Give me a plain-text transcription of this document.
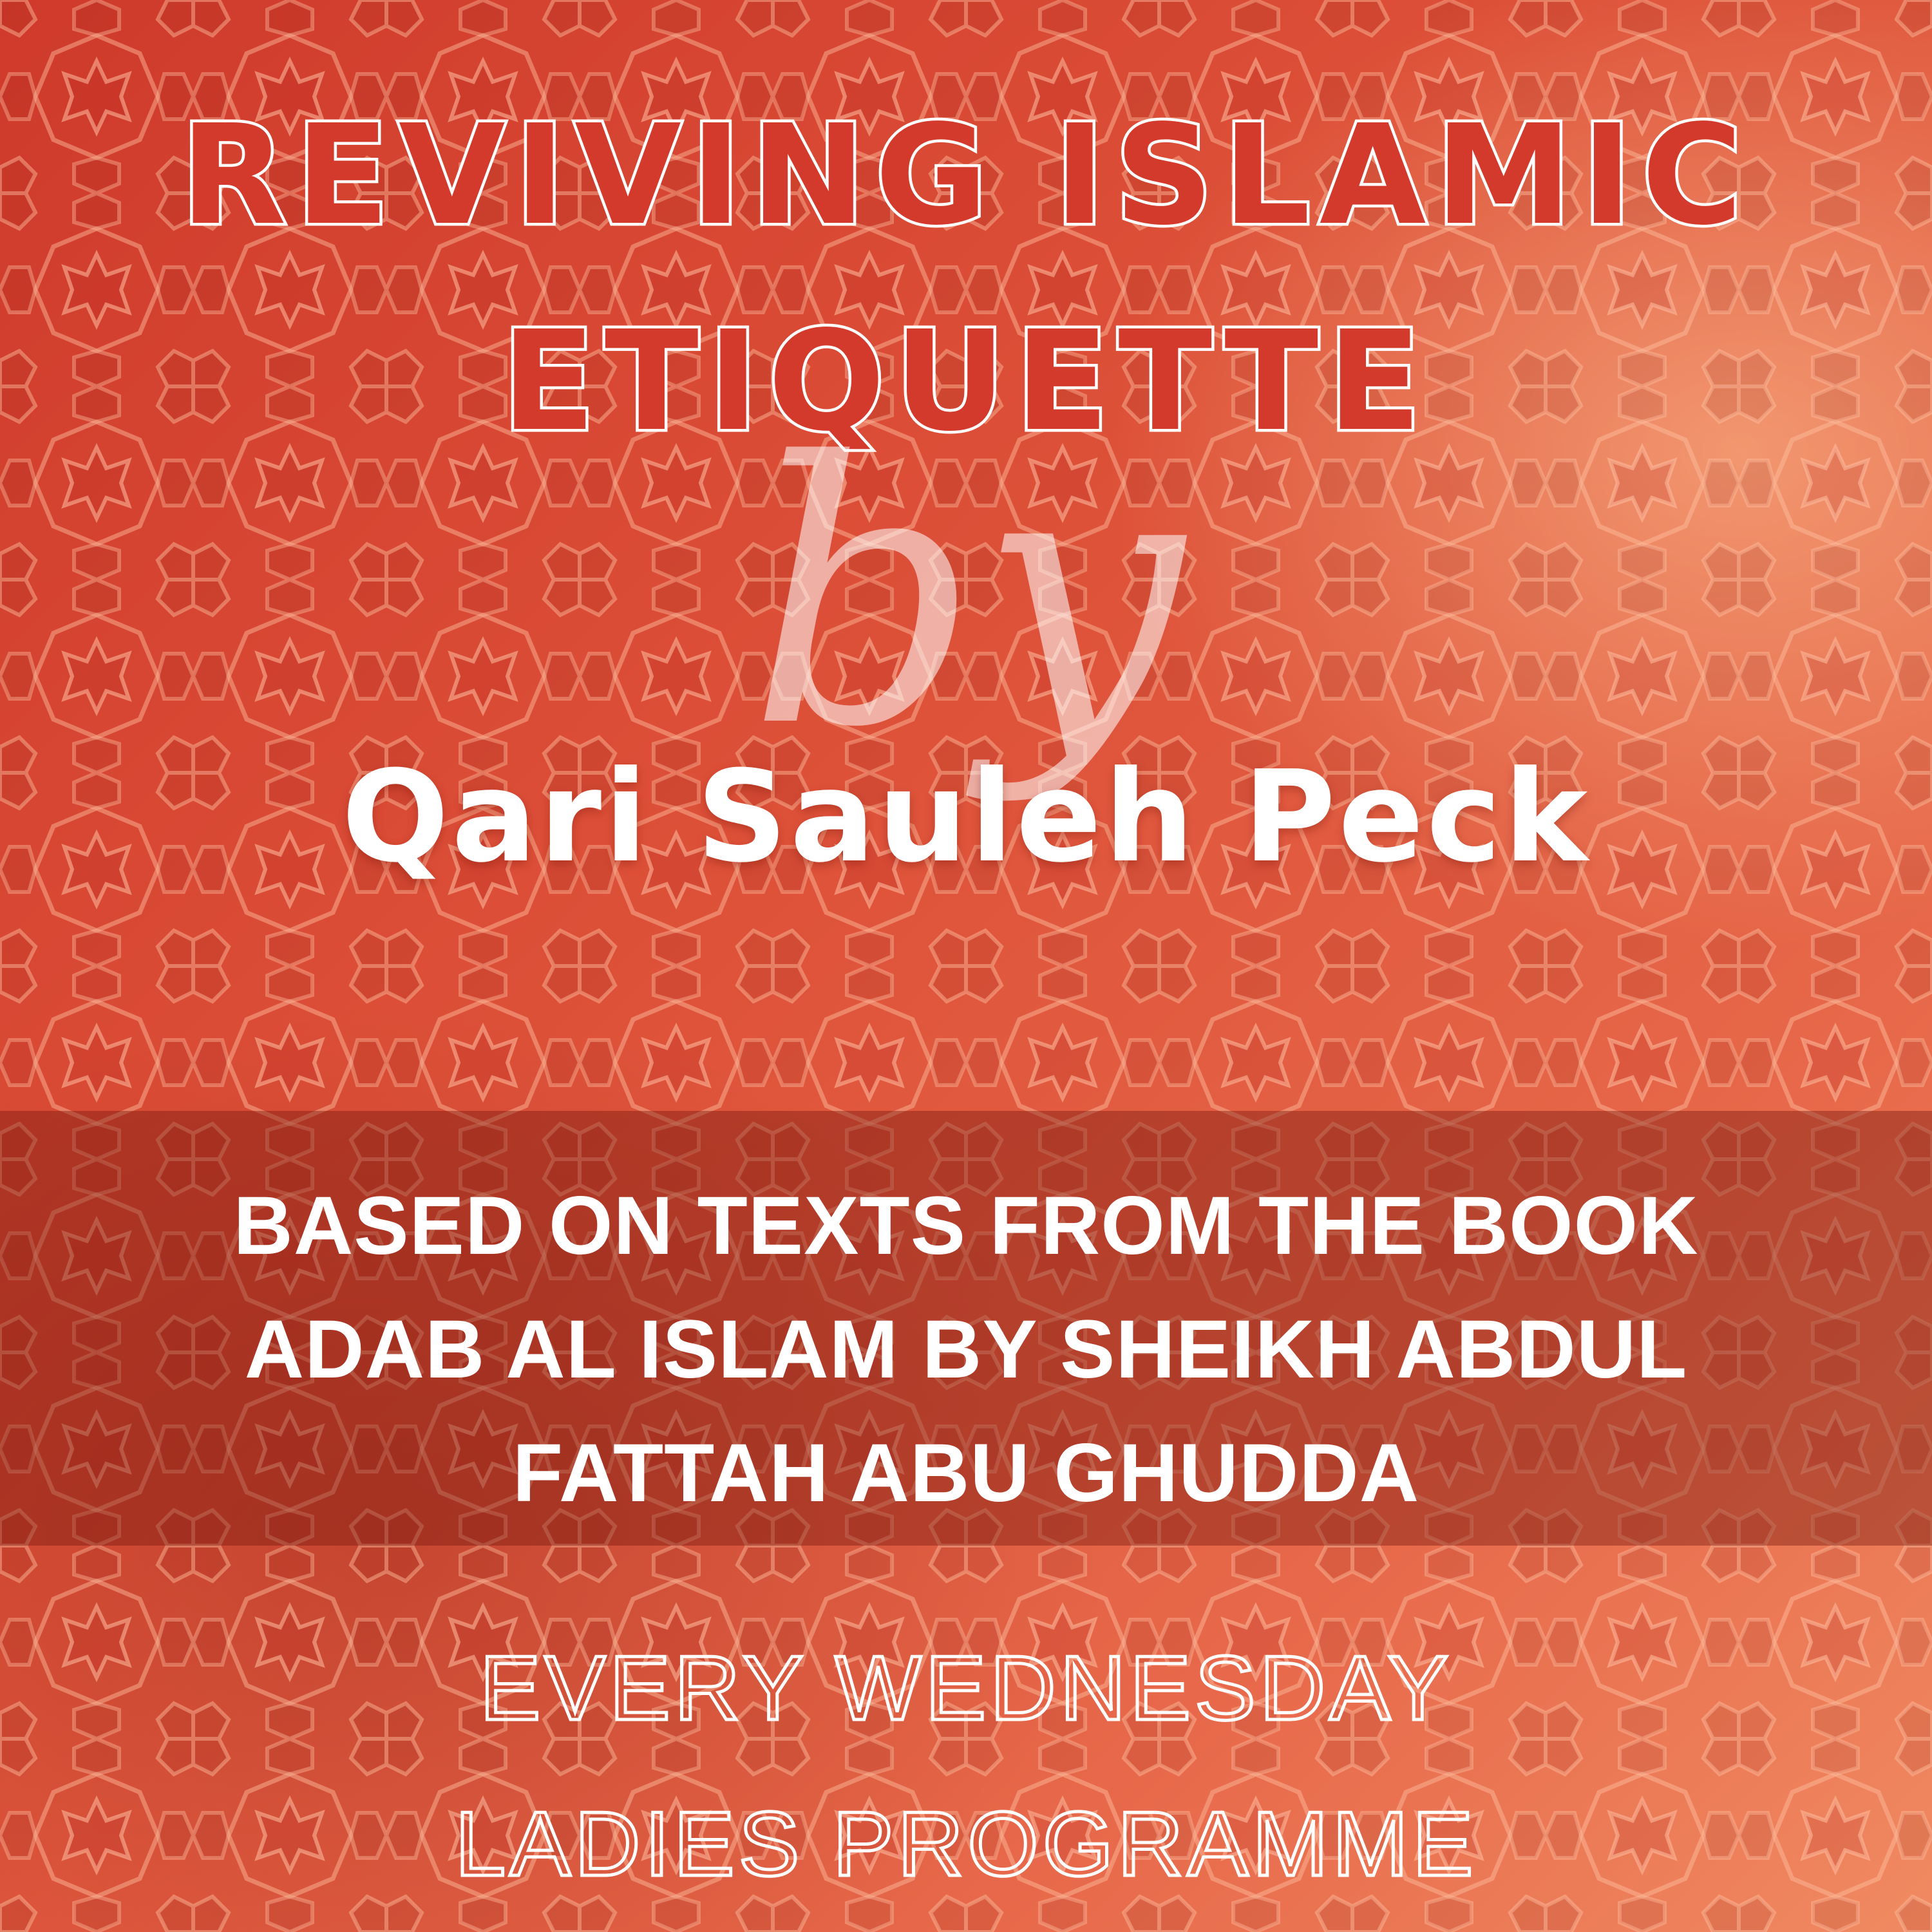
REVIVING ISLAMIC
ETIQUETTE
by
Qari Sauleh Peck
BASED ON TEXTS FROM THE BOOK
ADAB AL ISLAM BY SHEIKH ABDUL
FATTAH ABU GHUDDA
EVERY WEDNESDAY
LADIES PROGRAMME
